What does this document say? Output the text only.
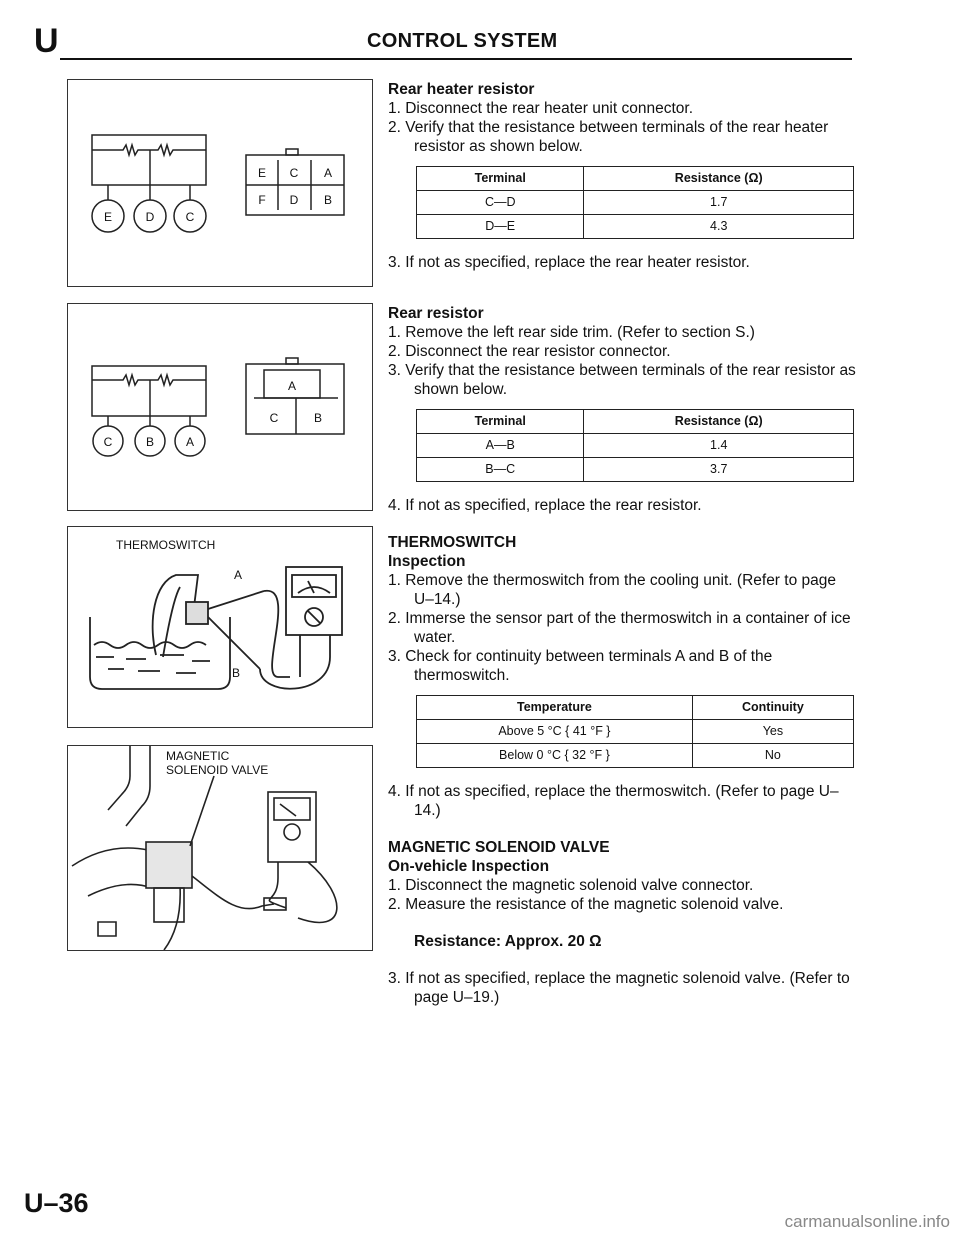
U	CONTROL SYSTEM
E	D	C
E C A
F D B
C	B	A
A
C	B
THERMOSWITCH
A
B
MAGNETIC
SOLENOID VALVE
Rear heater resistor

1. Disconnect the rear heater unit connector.

2. Verify that the resistance between terminals of the rear heater resistor as shown below.

Terminal	Resistance (Ω)
C—D	1.7
D—E	4.3

3. If not as specified, replace the rear heater resistor.

Rear resistor

1. Remove the left rear side trim. (Refer to section S.)

2. Disconnect the rear resistor connector.

3. Verify that the resistance between terminals of the rear resistor as shown below.

Terminal	Resistance (Ω)
A—B	1.4
B—C	3.7

4. If not as specified, replace the rear resistor.

THERMOSWITCH
Inspection

1. Remove the thermoswitch from the cooling unit. (Refer to page U–14.)

2. Immerse the sensor part of the thermoswitch in a container of ice water.

3. Check for continuity between terminals A and B of the thermoswitch.

Temperature	Continuity
Above 5 °C { 41 °F }	Yes
Below 0 °C { 32 °F }	No

4. If not as specified, replace the thermoswitch. (Refer to page U–14.)

MAGNETIC SOLENOID VALVE
On-vehicle Inspection

1. Disconnect the magnetic solenoid valve connector.

2. Measure the resistance of the magnetic solenoid valve.

Resistance: Approx. 20 Ω

3. If not as specified, replace the magnetic solenoid valve. (Refer to page U–19.)

U–36
carmanualsonline.info
